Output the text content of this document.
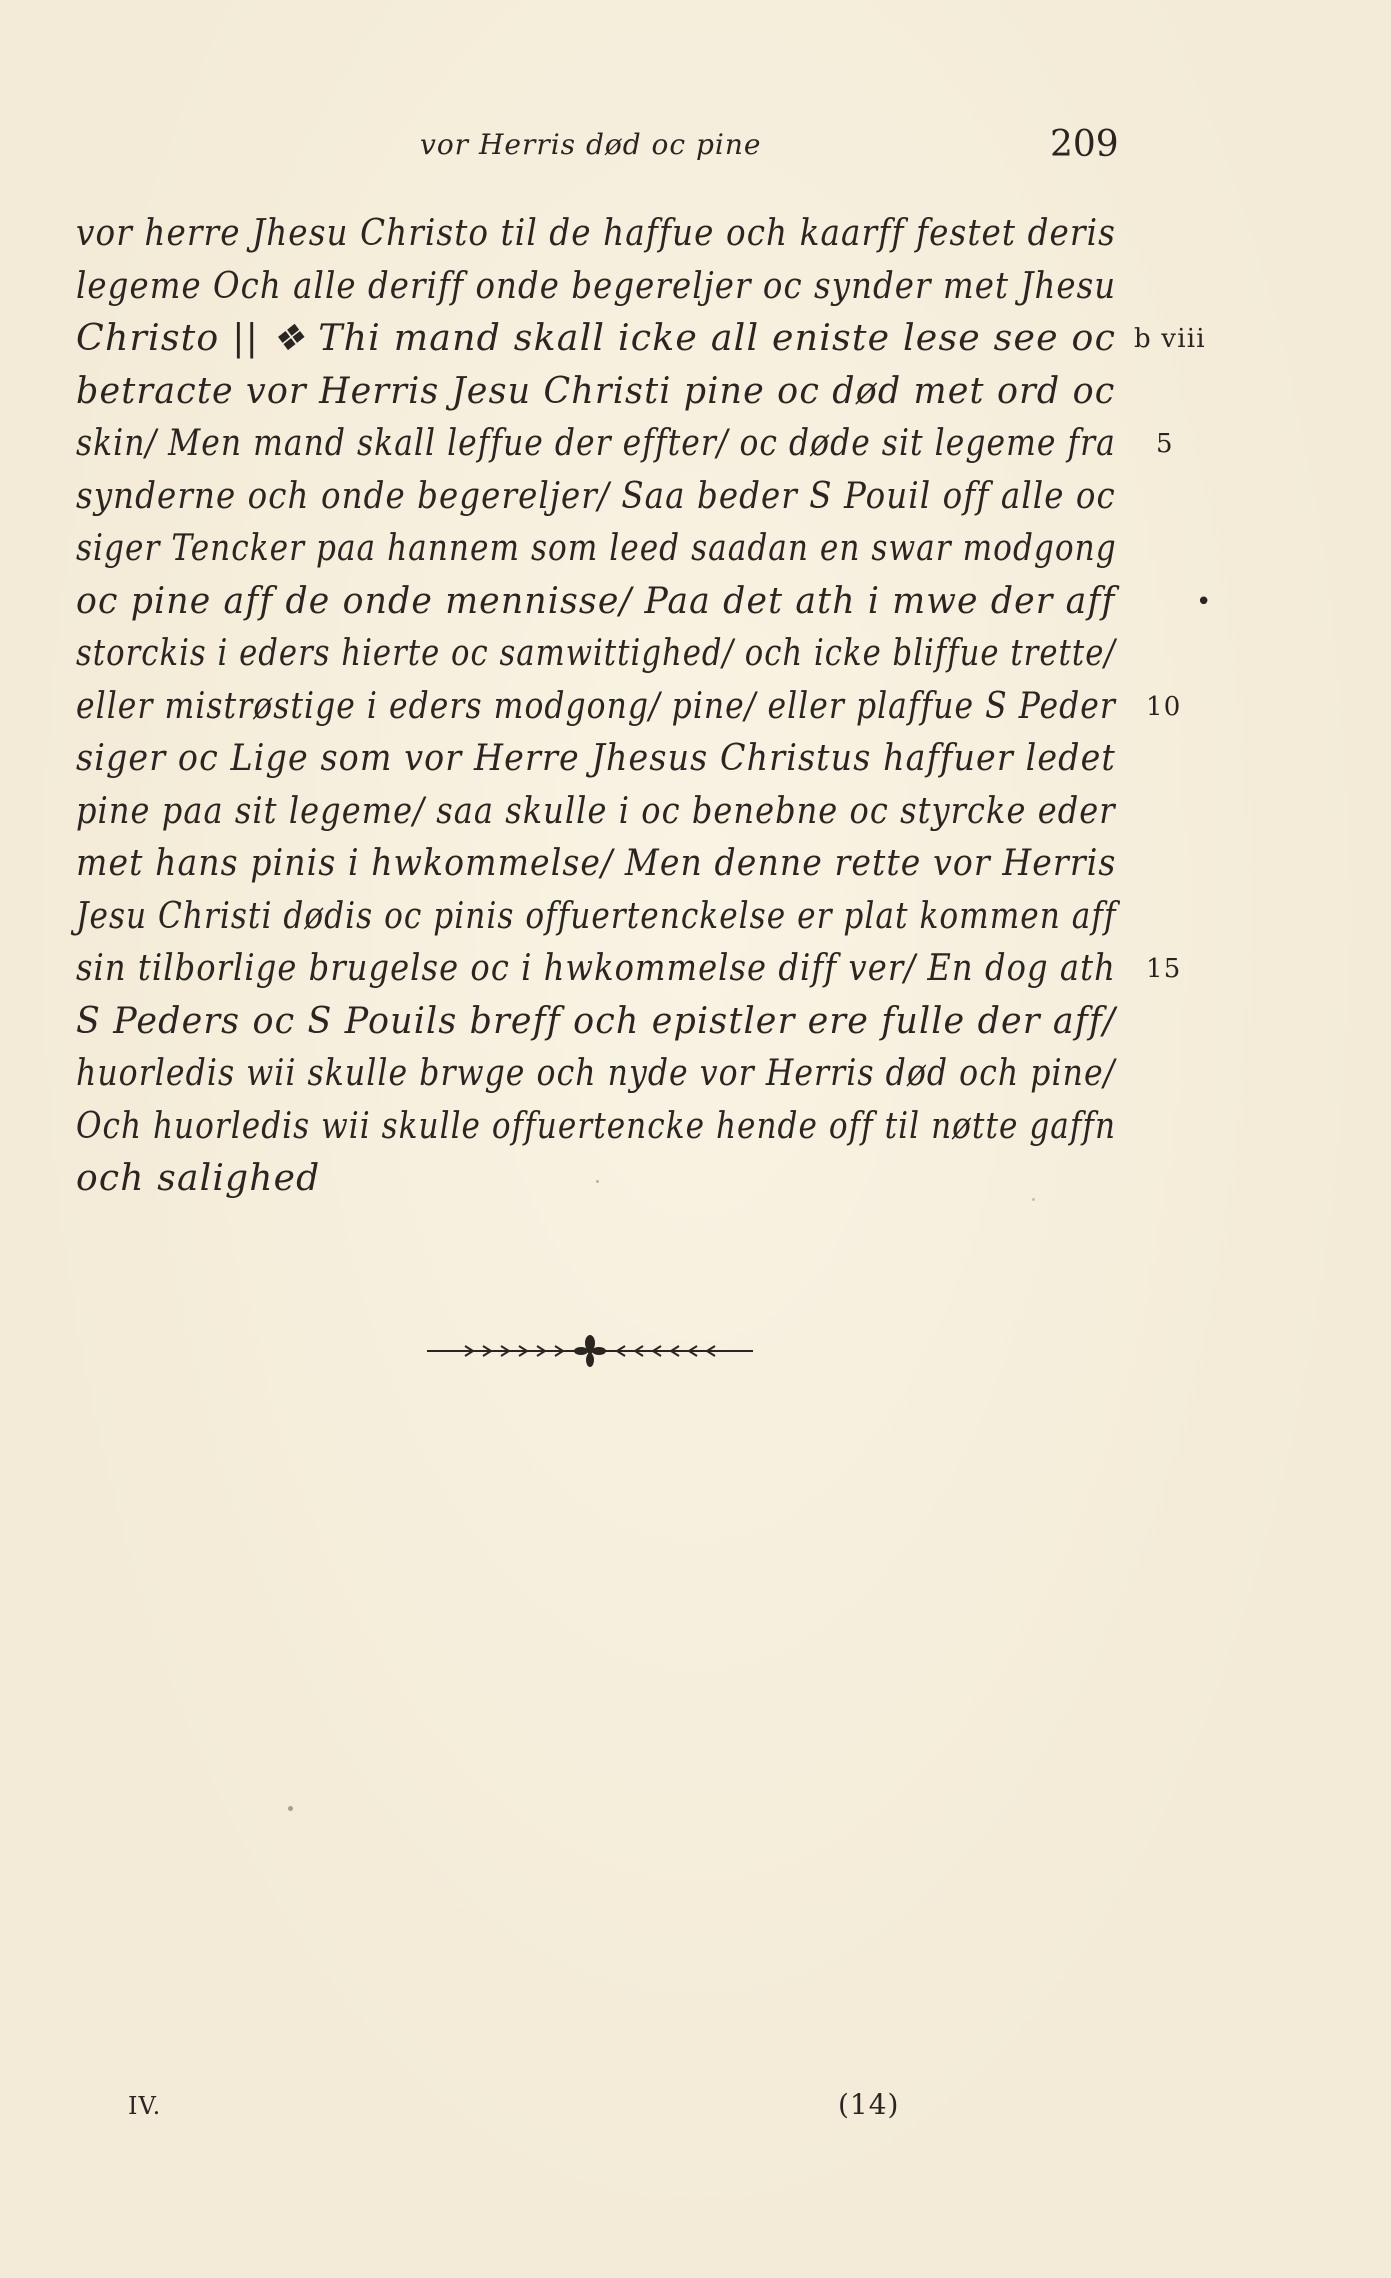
vor Herris død oc pine	209
vor herre Jhesu Christo til de haffue och kaarff festet deris
legeme Och alle deriff onde begereljer oc synder met Jhesu
Christo || ❖ Thi mand skall icke all eniste lese see oc b viii
betracte vor Herris Jesu Christi pine oc død met ord oc
skin/ Men mand skall leffue der effter/ oc døde sit legeme fra 5
synderne och onde begereljer/ Saa beder S Pouil off alle oc
siger Tencker paa hannem som leed saadan en swar modgong
oc pine aff de onde mennisse/ Paa det ath i mwe der aff	•
storckis i eders hierte oc samwittighed/ och icke bliffue trette/
eller mistrøstige i eders modgong/ pine/ eller plaffue S Peder 10
siger oc Lige som vor Herre Jhesus Christus haffuer ledet
pine paa sit legeme/ saa skulle i oc benebne oc styrcke eder
met hans pinis i hwkommelse/ Men denne rette vor Herris
Jesu Christi dødis oc pinis offuertenckelse er plat kommen aff
sin tilborlige brugelse oc i hwkommelse diff ver/ En dog ath 15
S Peders oc S Pouils breff och epistler ere fulle der aff/
huorledis wii skulle brwge och nyde vor Herris død och pine/
Och huorledis wii skulle offuertencke hende off til nøtte gaffn
och salighed
IV.	(14)
